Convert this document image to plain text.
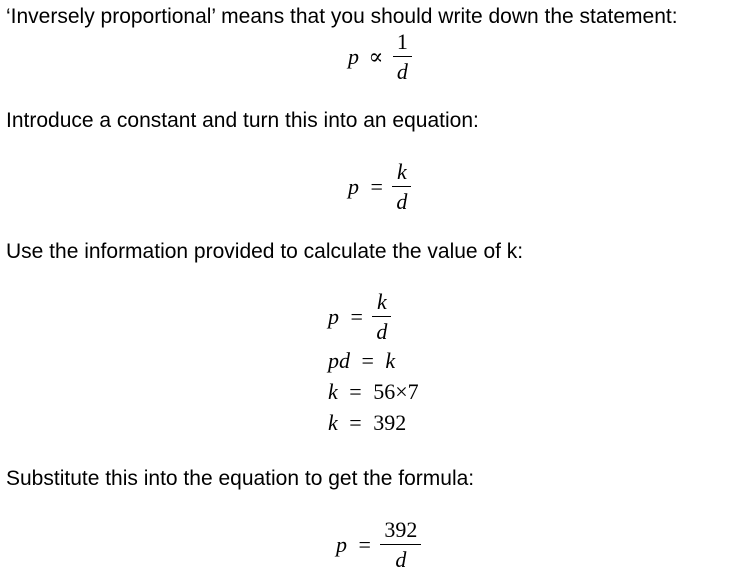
‘Inversely proportional’ means that you should write down the statement:
$p \propto \frac{1}{d}$
Introduce a constant and turn this into an equation:
$p = \frac{k}{d}$
Use the information provided to calculate the value of k:
$p = \frac{k}{d}$
pd = k
k = 56×7
k = 392
Substitute this into the equation to get the formula:
$p = \frac{392}{d}$
